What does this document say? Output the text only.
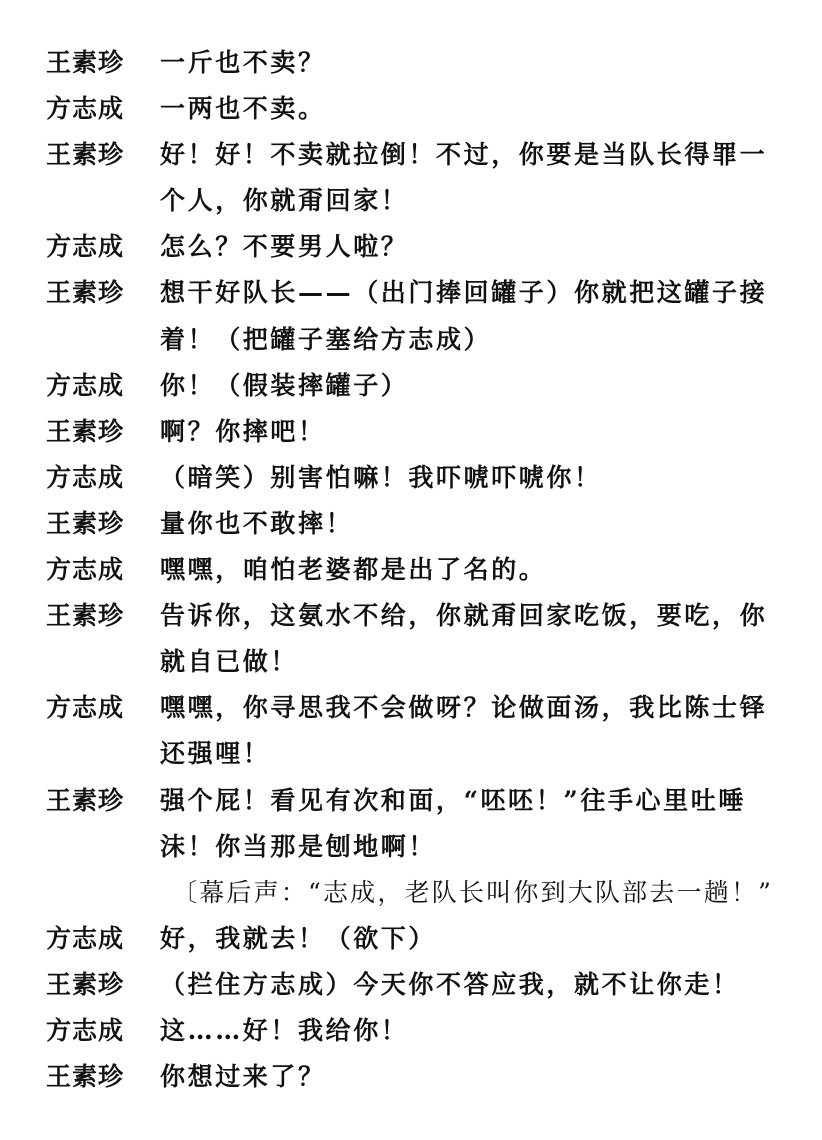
王素珍 一斤也不卖？
方志成 一两也不卖。
王素珍 好！好！不卖就拉倒！不过，你要是当队长得罪一
个人，你就甭回家！
方志成 怎么？不要男人啦？
王素珍 想干好队长——（出门捧回罐子）你就把这罐子接
着！（把罐子塞给方志成）
方志成 你！（假装摔罐子）
王素珍 啊？你摔吧！
方志成 （暗笑）别害怕嘛！我吓唬吓唬你！
王素珍 量你也不敢摔！
方志成 嘿嘿，咱怕老婆都是出了名的。
王素珍 告诉你，这氨水不给，你就甭回家吃饭，要吃，你
就自已做！
方志成 嘿嘿，你寻思我不会做呀？论做面汤，我比陈士铎
还强哩！
王素珍 强个屁！看见有次和面，“呸呸！”往手心里吐唾
沫！你当那是刨地啊！
〔幕后声：“志成，老队长叫你到大队部去一趟！”
方志成 好，我就去！（欲下）
王素珍 （拦住方志成）今天你不答应我，就不让你走！
方志成 这……好！我给你！
王素珍 你想过来了？
